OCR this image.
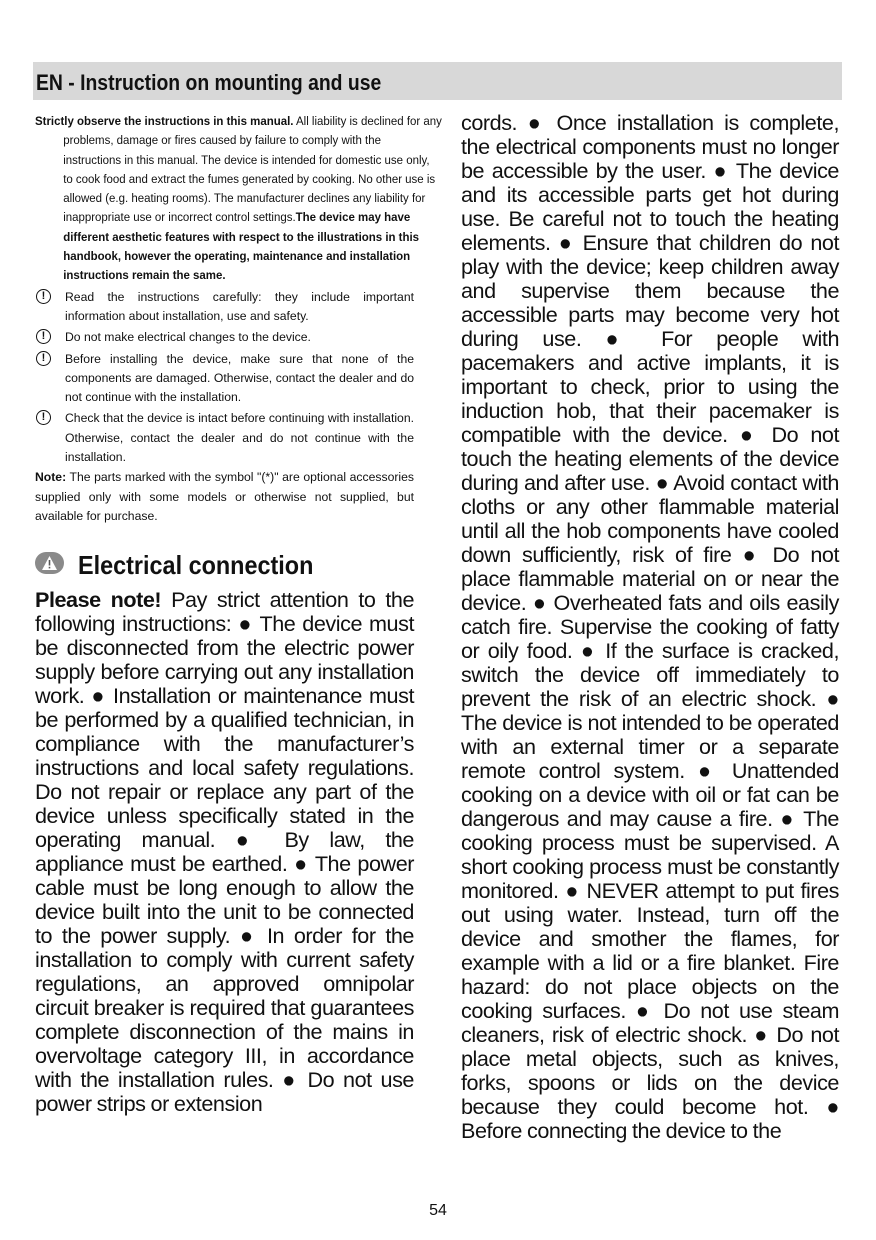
EN - Instruction on mounting and use

Strictly observe the instructions in this manual. All liability is declined for any problems, damage or fires caused by failure to comply with the instructions in this manual. The device is intended for domestic use only, to cook food and extract the fumes generated by cooking. No other use is allowed (e.g. heating rooms). The manufacturer declines any liability for inappropriate use or incorrect control settings.The device may have different aesthetic features with respect to the illustrations in this handbook, however the operating, maintenance and installation instructions remain the same.

!	Read the instructions carefully: they include important information about installation, use and safety.
!	Do not make electrical changes to the device.
!	Before installing the device, make sure that none of the components are damaged. Otherwise, contact the dealer and do not continue with the installation.
!	Check that the device is intact before continuing with installation. Otherwise, contact the dealer and do not continue with the installation.

Note: The parts marked with the symbol "(*)" are optional accessories supplied only with some models or otherwise not supplied, but available for purchase.

Electrical connection

Please note! Pay strict attention to the following instructions: ● The device must be disconnected from the electric power supply before carrying out any installation work. ● Installation or maintenance must be performed by a qualified technician, in compliance with the manufacturer’s instructions and local safety regulations. Do not repair or replace any part of the device unless specifically stated in the operating manual. ● By law, the appliance must be earthed. ● The power cable must be long enough to allow the device built into the unit to be connected to the power supply. ● In order for the installation to comply with current safety regulations, an approved omnipolar circuit breaker is required that guarantees complete disconnection of the mains in overvoltage category III, in accordance with the installation rules. ● Do not use power strips or extension

cords. ● Once installation is complete, the electrical components must no longer be accessible by the user. ● The device and its accessible parts get hot during use. Be careful not to touch the heating elements. ● Ensure that children do not play with the device; keep children away and supervise them because the accessible parts may become very hot during use. ● For people with pacemakers and active implants, it is important to check, prior to using the induction hob, that their pacemaker is compatible with the device. ● Do not touch the heating elements of the device during and after use. ● Avoid contact with cloths or any other flammable material until all the hob components have cooled down sufficiently, risk of fire ● Do not place flammable material on or near the device. ● Overheated fats and oils easily catch fire. Supervise the cooking of fatty or oily food. ● If the surface is cracked, switch the device off immediately to prevent the risk of an electric shock. ● The device is not intended to be operated with an external timer or a separate remote control system. ● Unattended cooking on a device with oil or fat can be dangerous and may cause a fire. ● The cooking process must be supervised. A short cooking process must be constantly monitored. ● NEVER attempt to put fires out using water. Instead, turn off the device and smother the flames, for example with a lid or a fire blanket. Fire hazard: do not place objects on the cooking surfaces. ● Do not use steam cleaners, risk of electric shock. ● Do not place metal objects, such as knives, forks, spoons or lids on the device because they could become hot. ● Before connecting the device to the

54
